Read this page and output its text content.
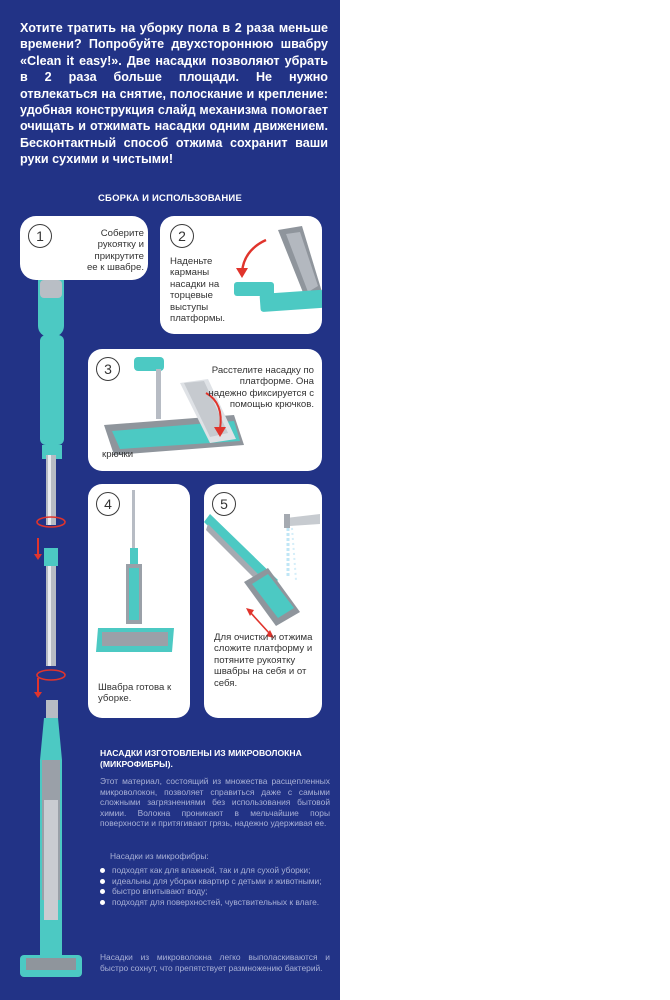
Хотите тратить на уборку пола в 2 раза меньше времени? Попробуйте двухстороннюю швабру «Clean it easy!». Две насадки позволяют убрать в 2 раза больше площади. Не нужно отвлекаться на снятие, полоскание и крепление: удобная конструкция слайд механизма помогает очищать и отжимать насадки одним движением. Бесконтактный способ отжима сохранит ваши руки сухими и чистыми!

СБОРКА И ИСПОЛЬЗОВАНИЕ

1	Соберите рукоятку и прикрутите ее к швабре.

2

Наденьте карманы насадки на торцевые выступы платформы.

3

крючки

Расстелите насадку по платформе. Она надежно фиксируется с помощью крючков.

4

Швабра готова к уборке.

5

Для очистки и отжима сложите платформу и потяните рукоятку швабры на себя и от себя.

НАСАДКИ ИЗГОТОВЛЕНЫ ИЗ МИКРОВОЛОКНА (МИКРОФИБРЫ).

Этот материал, состоящий из множества расщепленных микроволокон, позволяет справиться даже с самыми сложными загрязнениями без использования бытовой химии. Волокна проникают в мельчайшие поры поверхности и притягивают грязь, надежно удерживая ее.

Насадки из микрофибры:

подходят как для влажной, так и для сухой уборки;
идеальны для уборки квартир с детьми и животными;
быстро впитывают воду;
подходят для поверхностей, чувствительных к влаге.

Насадки из микроволокна легко выполаскиваются и быстро сохнут, что препятствует размножению бактерий.
